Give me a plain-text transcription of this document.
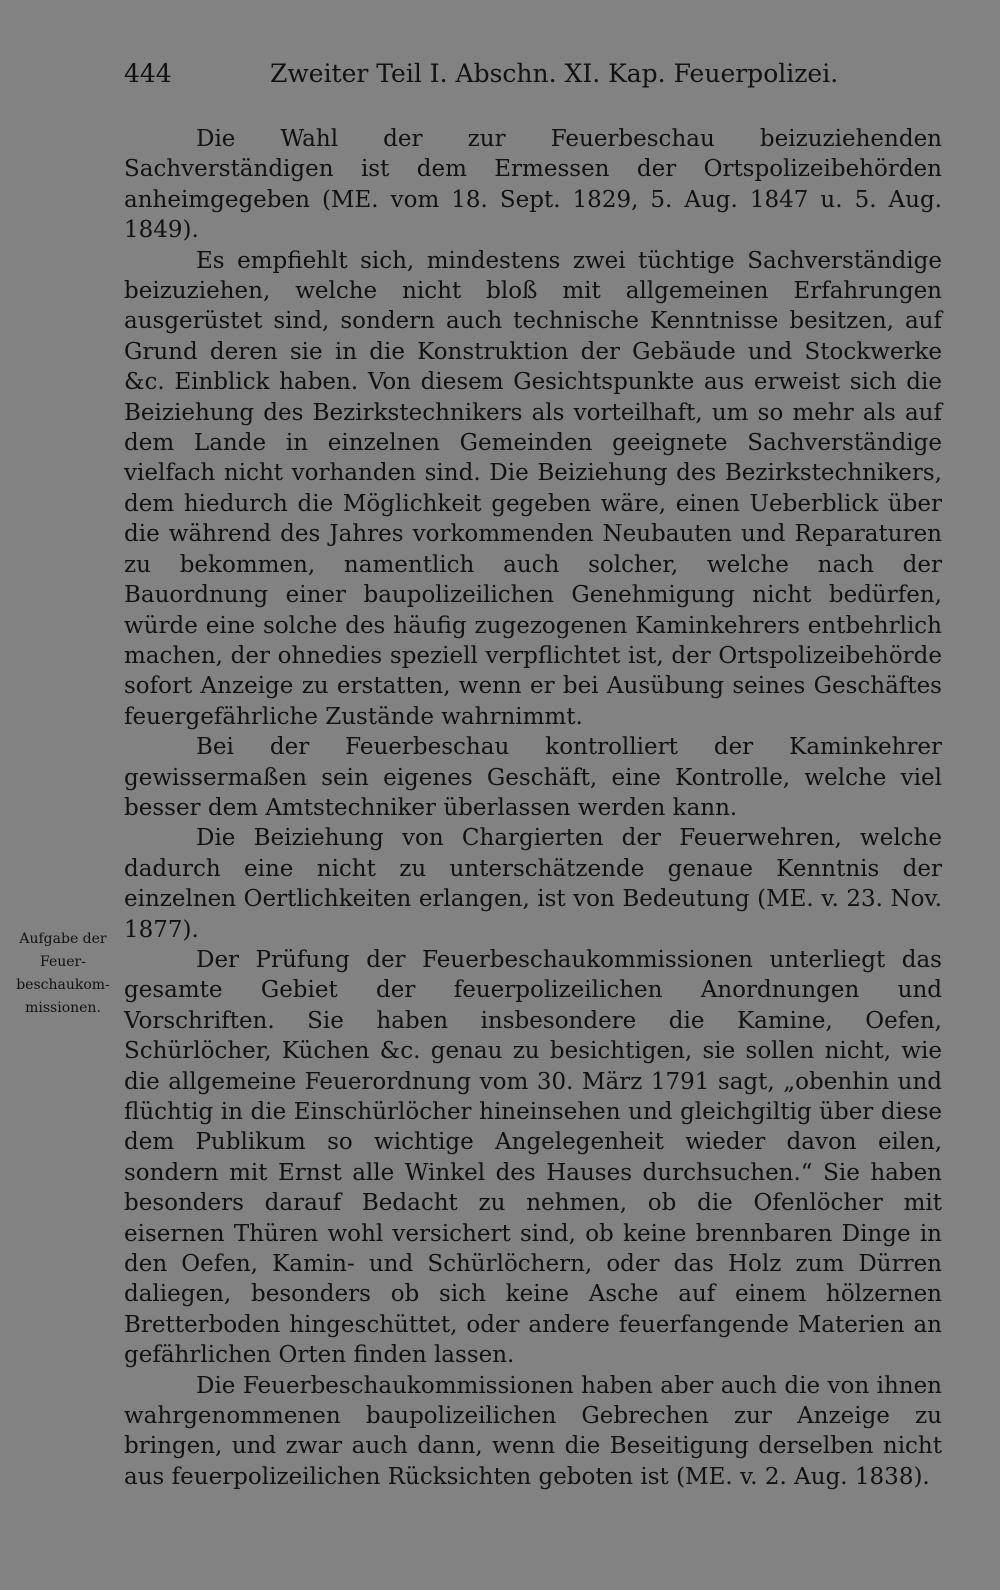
444	Zweiter Teil I. Abschn. XI. Kap. Feuerpolizei.
Aufgabe der
Feuer-
beschaukom-
missionen.

Die Wahl der zur Feuerbeschau beizuziehenden Sachverständigen ist dem Ermessen der Ortspolizeibehörden anheimgegeben (ME. vom 18. Sept. 1829, 5. Aug. 1847 u. 5. Aug. 1849).

Es empfiehlt sich, mindestens zwei tüchtige Sachverständige beizuziehen, welche nicht bloß mit allgemeinen Erfahrungen ausgerüstet sind, sondern auch technische Kenntnisse besitzen, auf Grund deren sie in die Konstruktion der Gebäude und Stockwerke &c. Einblick haben. Von diesem Gesichtspunkte aus erweist sich die Beiziehung des Bezirkstechnikers als vorteilhaft, um so mehr als auf dem Lande in einzelnen Gemeinden geeignete Sachverständige vielfach nicht vorhanden sind. Die Beiziehung des Bezirkstechnikers, dem hiedurch die Möglichkeit gegeben wäre, einen Ueberblick über die während des Jahres vorkommenden Neubauten und Reparaturen zu bekommen, namentlich auch solcher, welche nach der Bauordnung einer baupolizeilichen Genehmigung nicht bedürfen, würde eine solche des häufig zugezogenen Kaminkehrers entbehrlich machen, der ohnedies speziell verpflichtet ist, der Ortspolizeibehörde sofort Anzeige zu erstatten, wenn er bei Ausübung seines Geschäftes feuergefährliche Zustände wahrnimmt.

Bei der Feuerbeschau kontrolliert der Kaminkehrer gewissermaßen sein eigenes Geschäft, eine Kontrolle, welche viel besser dem Amtstechniker überlassen werden kann.

Die Beiziehung von Chargierten der Feuerwehren, welche dadurch eine nicht zu unterschätzende genaue Kenntnis der einzelnen Oertlichkeiten erlangen, ist von Bedeutung (ME. v. 23. Nov. 1877).

Der Prüfung der Feuerbeschaukommissionen unterliegt das gesamte Gebiet der feuerpolizeilichen Anordnungen und Vorschriften. Sie haben insbesondere die Kamine, Oefen, Schürlöcher, Küchen &c. genau zu besichtigen, sie sollen nicht, wie die allgemeine Feuerordnung vom 30. März 1791 sagt, „obenhin und flüchtig in die Einschürlöcher hineinsehen und gleichgiltig über diese dem Publikum so wichtige Angelegenheit wieder davon eilen, sondern mit Ernst alle Winkel des Hauses durchsuchen.“ Sie haben besonders darauf Bedacht zu nehmen, ob die Ofenlöcher mit eisernen Thüren wohl versichert sind, ob keine brennbaren Dinge in den Oefen, Kamin- und Schürlöchern, oder das Holz zum Dürren daliegen, besonders ob sich keine Asche auf einem hölzernen Bretterboden hingeschüttet, oder andere feuerfangende Materien an gefährlichen Orten finden lassen.

Die Feuerbeschaukommissionen haben aber auch die von ihnen wahrgenommenen baupolizeilichen Gebrechen zur Anzeige zu bringen, und zwar auch dann, wenn die Beseitigung derselben nicht aus feuerpolizeilichen Rücksichten geboten ist (ME. v. 2. Aug. 1838).
